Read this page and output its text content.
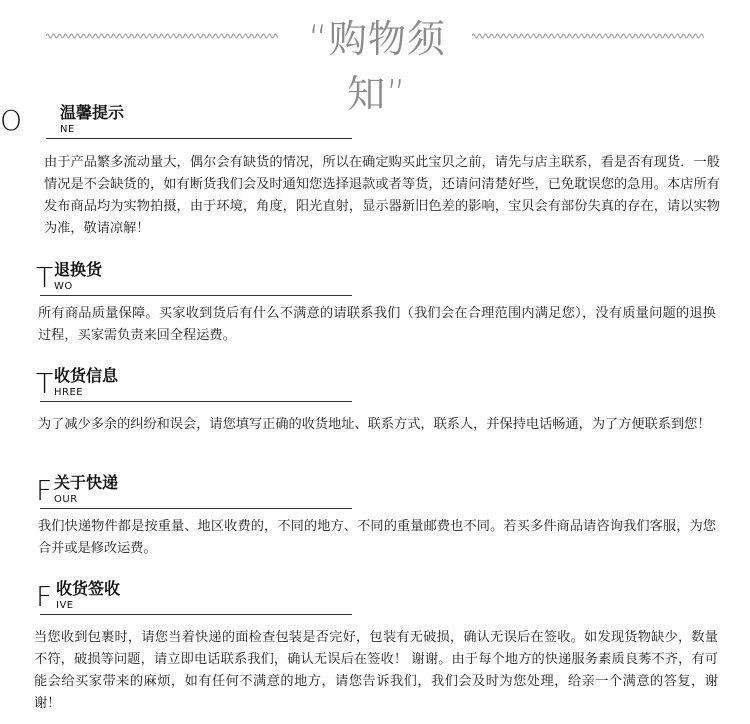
“购物须知”
O 温馨提示
NE

由于产品繁多流动量大，偶尔会有缺货的情况，所以在确定购买此宝贝之前，请先与店主联系，看是否有现货．一般情况是不会缺货的，如有断货我们会及时通知您选择退款或者等货，还请问清楚好些，已免耽误您的急用。本店所有发布商品均为实物拍摄，由于环境，角度，阳光直射，显示器新旧色差的影响，宝贝会有部份失真的存在，请以实物为准，敬请凉解！

T 退换货
WO

所有商品质量保障。买家收到货后有什么不满意的请联系我们（我们会在合理范围内满足您），没有质量问题的退换过程，买家需负责来回全程运费。

T 收货信息
HREE

为了减少多余的纠纷和误会，请您填写正确的收货地址、联系方式，联系人，并保持电话畅通，为了方便联系到您！

F 关于快递
OUR

我们快递物件都是按重量、地区收费的，不同的地方、不同的重量邮费也不同。若买多件商品请咨询我们客服，为您合并或是修改运费。

F 收货签收
IVE

当您收到包裹时，请您当着快递的面检查包装是否完好，包装有无破损，确认无误后在签收。如发现货物缺少，数量不符，破损等问题，请立即电话联系我们，确认无误后在签收！ 谢谢。由于每个地方的快递服务素质良莠不齐，有可能会给买家带来的麻烦，如有任何不满意的地方，请您告诉我们，我们会及时为您处理，给亲一个满意的答复，谢谢！
